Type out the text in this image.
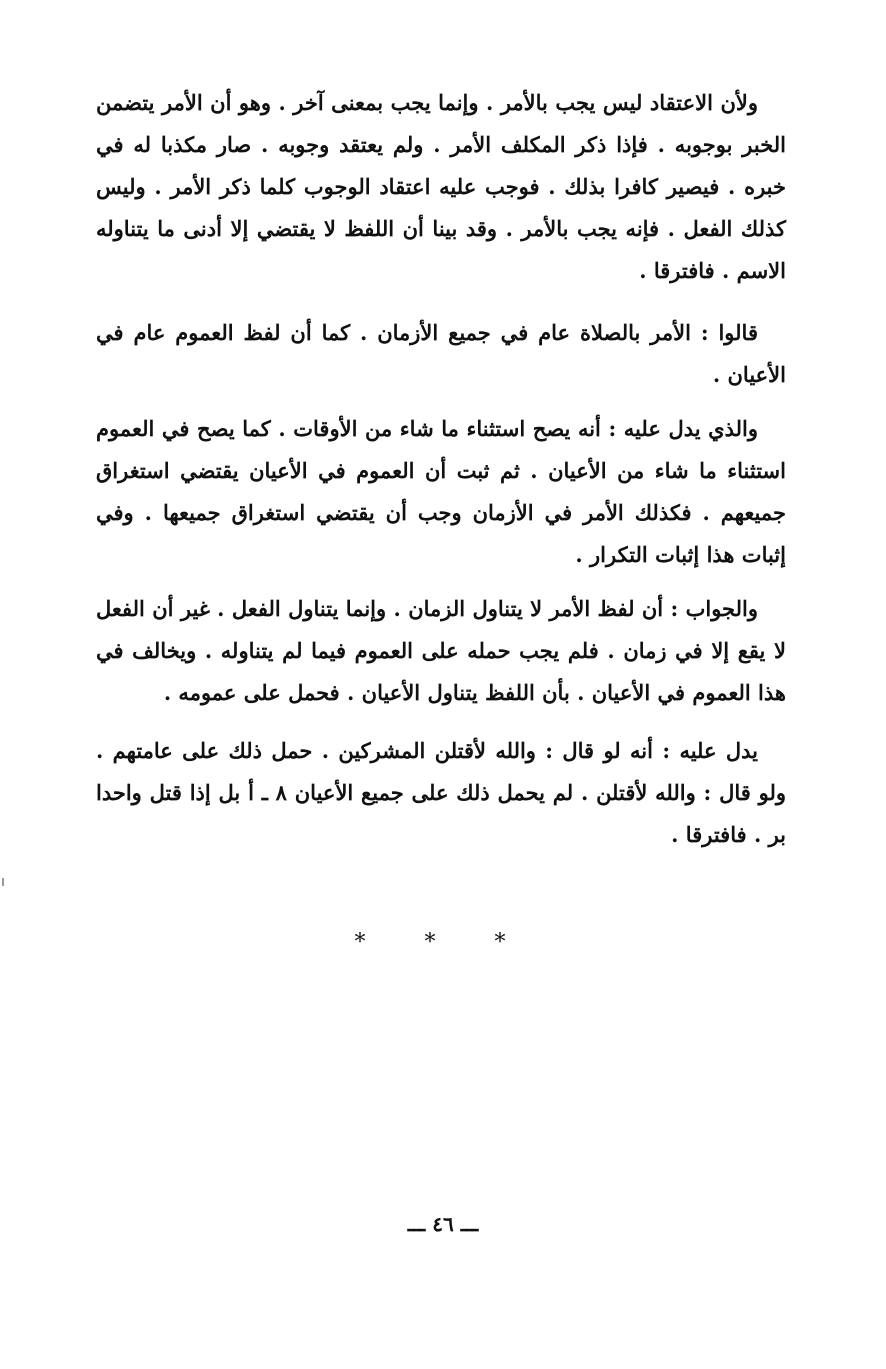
ولأن الاعتقاد ليس يجب بالأمر . وإنما يجب بمعنى آخر . وهو أن الأمر يتضمن الخبر بوجوبه . فإذا ذكر المكلف الأمر . ولم يعتقد وجوبه . صار مكذبا له في خبره . فيصير كافرا بذلك . فوجب عليه اعتقاد الوجوب كلما ذكر الأمر . وليس كذلك الفعل . فإنه يجب بالأمر . وقد بينا أن اللفظ لا يقتضي إلا أدنى ما يتناوله الاسم . فافترقا .

قالوا : الأمر بالصلاة عام في جميع الأزمان . كما أن لفظ العموم عام في الأعيان .

والذي يدل عليه : أنه يصح استثناء ما شاء من الأوقات . كما يصح في العموم استثناء ما شاء من الأعيان . ثم ثبت أن العموم في الأعيان يقتضي استغراق جميعهم . فكذلك الأمر في الأزمان وجب أن يقتضي استغراق جميعها . وفي إثبات هذا إثبات التكرار .

والجواب : أن لفظ الأمر لا يتناول الزمان . وإنما يتناول الفعل . غير أن الفعل لا يقع إلا في زمان . فلم يجب حمله على العموم فيما لم يتناوله . ويخالف في هذا العموم في الأعيان . بأن اللفظ يتناول الأعيان . فحمل على عمومه .

يدل عليه : أنه لو قال : والله لأقتلن المشركين . حمل ذلك على عامتهم . ولو قال : والله لأقتلن . لم يحمل ذلك على جميع الأعيان ٨ ـ أ بل إذا قتل واحدا بر . فافترقا .

* * *
ـــ ٤٦ ـــ
